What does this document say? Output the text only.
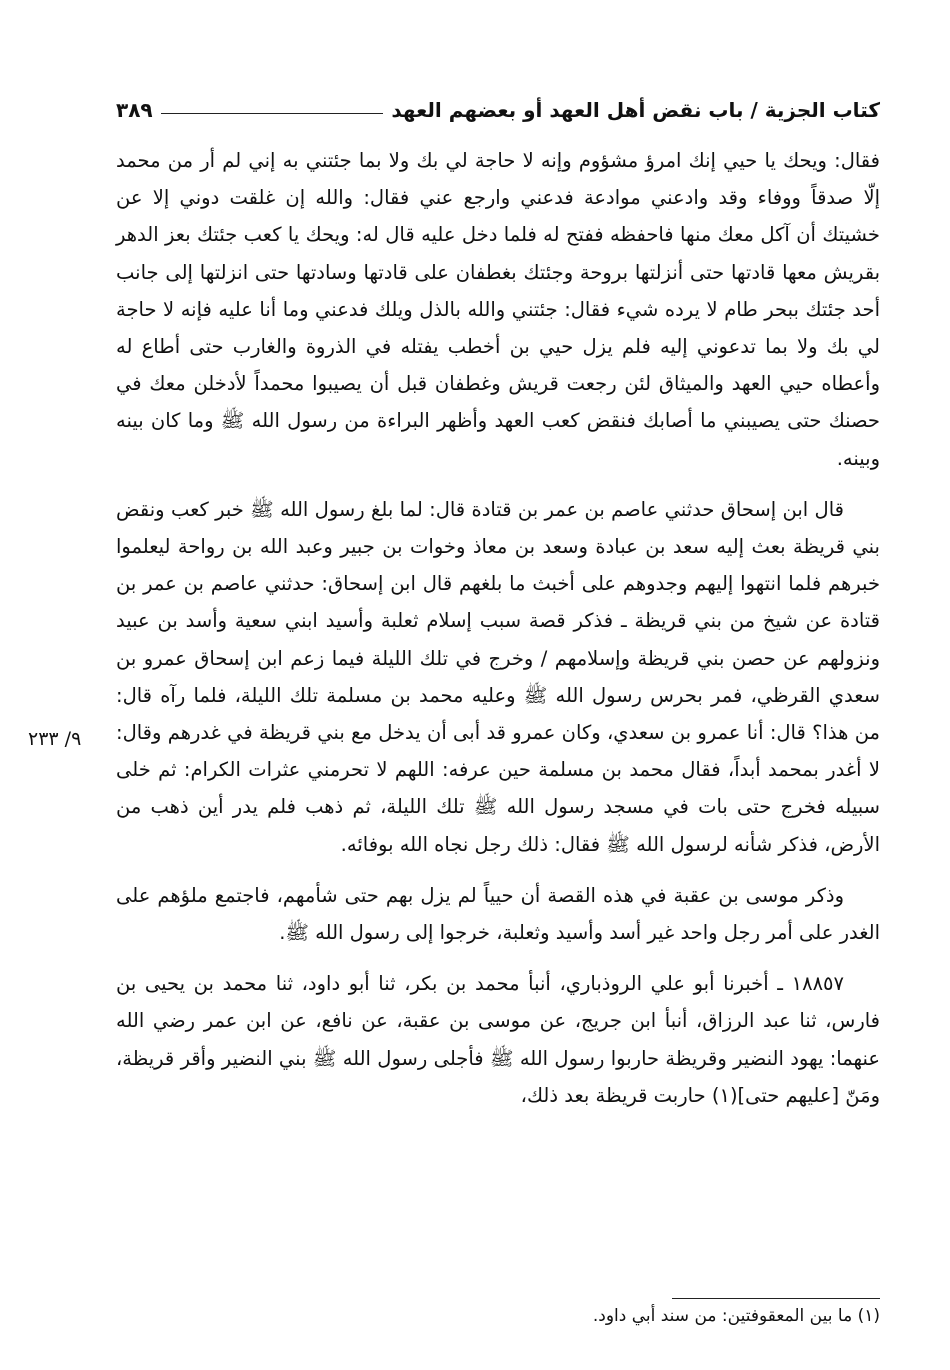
كتاب الجزية / باب نقض أهل العهد أو بعضهم العهد
٣٨٩
٩/ ٢٣٣

فقال: ويحك يا حيي إنك امرؤ مشؤوم وإنه لا حاجة لي بك ولا بما جئتني به إني لم أر من محمد إلّا صدقاً ووفاء وقد وادعني موادعة فدعني وارجع عني فقال: والله إن غلقت دوني إلا عن خشيتك أن آكل معك منها فاحفظه ففتح له فلما دخل عليه قال له: ويحك يا كعب جئتك بعز الدهر بقريش معها قادتها حتى أنزلتها بروحة وجئتك بغطفان على قادتها وسادتها حتى انزلتها إلى جانب أحد جئتك ببحر طام لا يرده شيء فقال: جئتني والله بالذل ويلك فدعني وما أنا عليه فإنه لا حاجة لي بك ولا بما تدعوني إليه فلم يزل حيي بن أخطب يفتله في الذروة والغارب حتى أطاع له وأعطاه حيي العهد والميثاق لئن رجعت قريش وغطفان قبل أن يصيبوا محمداً لأدخلن معك في حصنك حتى يصيبني ما أصابك فنقض كعب العهد وأظهر البراءة من رسول الله ﷺ وما كان بينه وبينه.

قال ابن إسحاق حدثني عاصم بن عمر بن قتادة قال: لما بلغ رسول الله ﷺ خبر كعب ونقض بني قريظة بعث إليه سعد بن عبادة وسعد بن معاذ وخوات بن جبير وعبد الله بن رواحة ليعلموا خبرهم فلما انتهوا إليهم وجدوهم على أخبث ما بلغهم قال ابن إسحاق: حدثني عاصم بن عمر بن قتادة عن شيخ من بني قريظة ـ فذكر قصة سبب إسلام ثعلبة وأسيد ابني سعية وأسد بن عبيد ونزولهم عن حصن بني قريظة وإسلامهم / وخرج في تلك الليلة فيما زعم ابن إسحاق عمرو بن سعدي القرظي، فمر بحرس رسول الله ﷺ وعليه محمد بن مسلمة تلك الليلة، فلما رآه قال: من هذا؟ قال: أنا عمرو بن سعدي، وكان عمرو قد أبى أن يدخل مع بني قريظة في غدرهم وقال: لا أغدر بمحمد أبداً، فقال محمد بن مسلمة حين عرفه: اللهم لا تحرمني عثرات الكرام: ثم خلى سبيله فخرج حتى بات في مسجد رسول الله ﷺ تلك الليلة، ثم ذهب فلم يدر أين ذهب من الأرض، فذكر شأنه لرسول الله ﷺ فقال: ذلك رجل نجاه الله بوفائه.

وذكر موسى بن عقبة في هذه القصة أن حيياً لم يزل بهم حتى شأمهم، فاجتمع ملؤهم على الغدر على أمر رجل واحد غير أسد وأسيد وثعلبة، خرجوا إلى رسول الله ﷺ.

١٨٨٥٧ ـ أخبرنا أبو علي الروذباري، أنبأ محمد بن بكر، ثنا أبو داود، ثنا محمد بن يحيى بن فارس، ثنا عبد الرزاق، أنبأ ابن جريج، عن موسى بن عقبة، عن نافع، عن ابن عمر رضي الله عنهما: يهود النضير وقريظة حاربوا رسول الله ﷺ فأجلى رسول الله ﷺ بني النضير وأقر قريظة، ومَنّ [عليهم حتى](١) حاربت قريظة بعد ذلك،

(١) ما بين المعقوفتين: من سند أبي داود.
